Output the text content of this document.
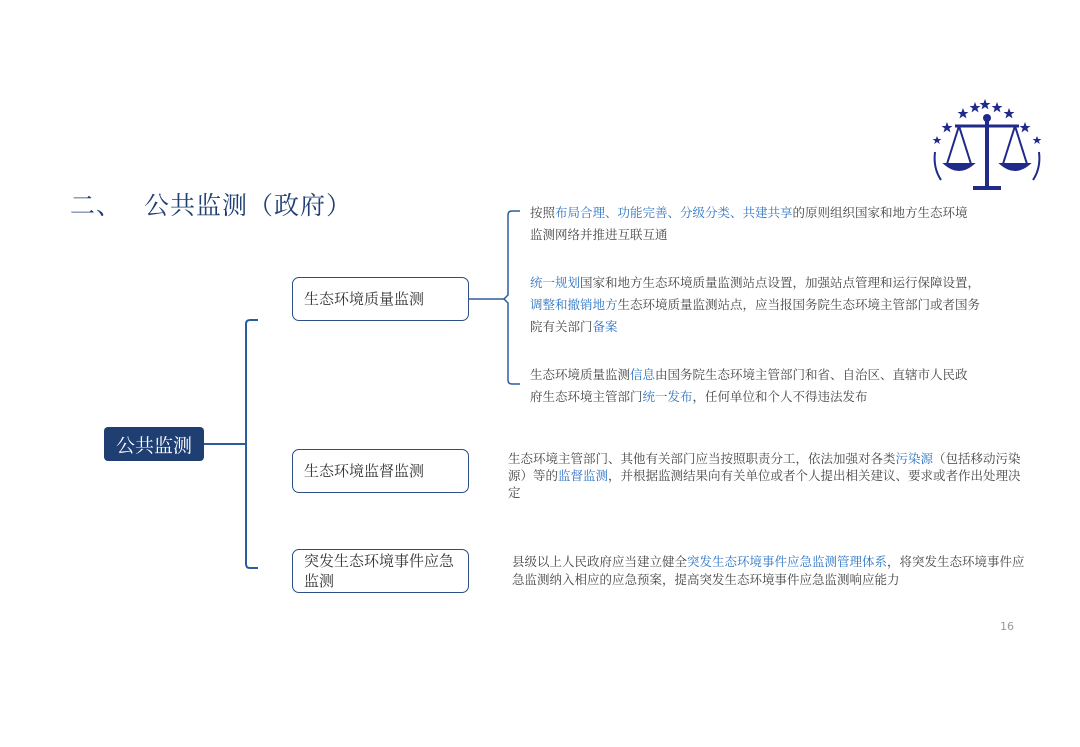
二、 公共监测（政府）
公共监测
生态环境质量监测
生态环境监督监测
突发生态环境事件应急监测
按照布局合理、功能完善、分级分类、共建共享的原则组织国家和地方生态环境监测网络并推进互联互通
统一规划国家和地方生态环境质量监测站点设置，加强站点管理和运行保障设置，调整和撤销地方生态环境质量监测站点，应当报国务院生态环境主管部门或者国务院有关部门备案
生态环境质量监测信息由国务院生态环境主管部门和省、自治区、直辖市人民政府生态环境主管部门统一发布，任何单位和个人不得违法发布
生态环境主管部门、其他有关部门应当按照职责分工，依法加强对各类污染源（包括移动污染源）等的监督监测，并根据监测结果向有关单位或者个人提出相关建议、要求或者作出处理决定
县级以上人民政府应当建立健全突发生态环境事件应急监测管理体系，将突发生态环境事件应急监测纳入相应的应急预案，提高突发生态环境事件应急监测响应能力
16
